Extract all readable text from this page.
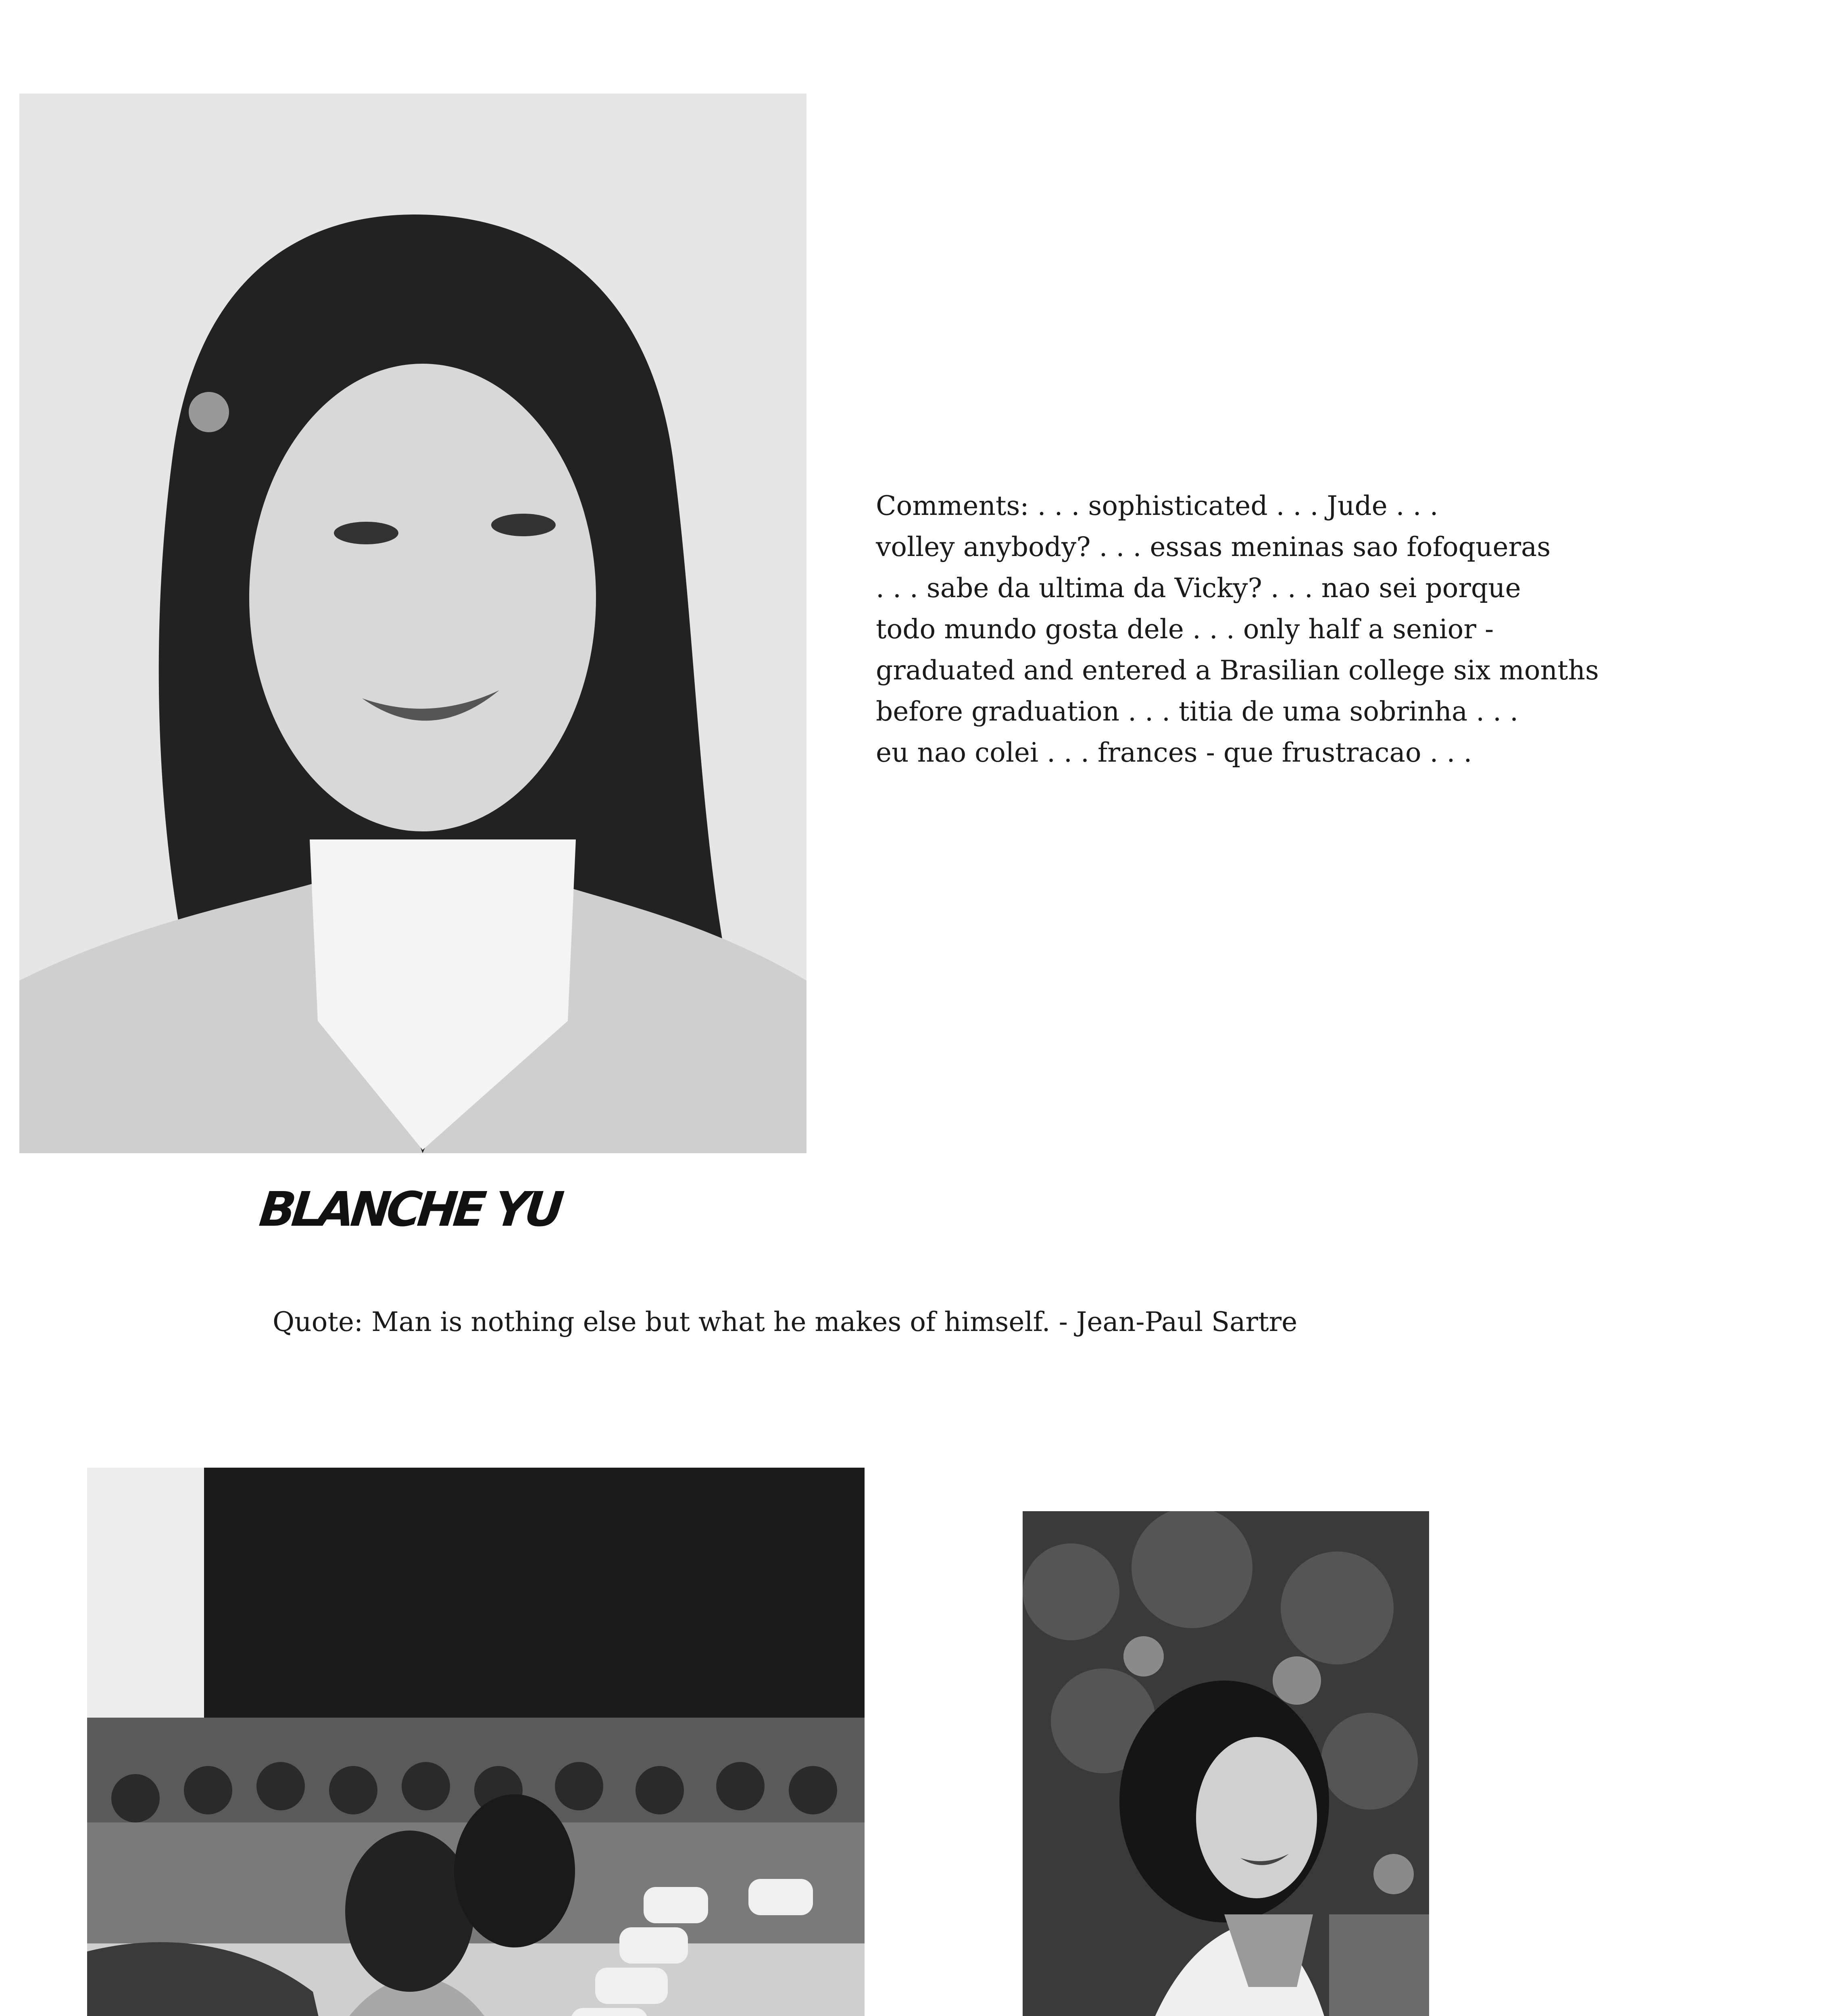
Comments: . . . sophisticated . . . Jude . . .
volley anybody? . . . essas meninas sao fofoqueras
. . . sabe da ultima da Vicky? . . . nao sei porque
todo mundo gosta dele . . . only half a senior -
graduated and entered a Brasilian college six months
before graduation . . . titia de uma sobrinha . . .
eu nao colei . . . frances - que frustracao . . .
BLANCHE YU

Quote: Man is nothing else but what he makes of himself. - Jean-Paul Sartre
